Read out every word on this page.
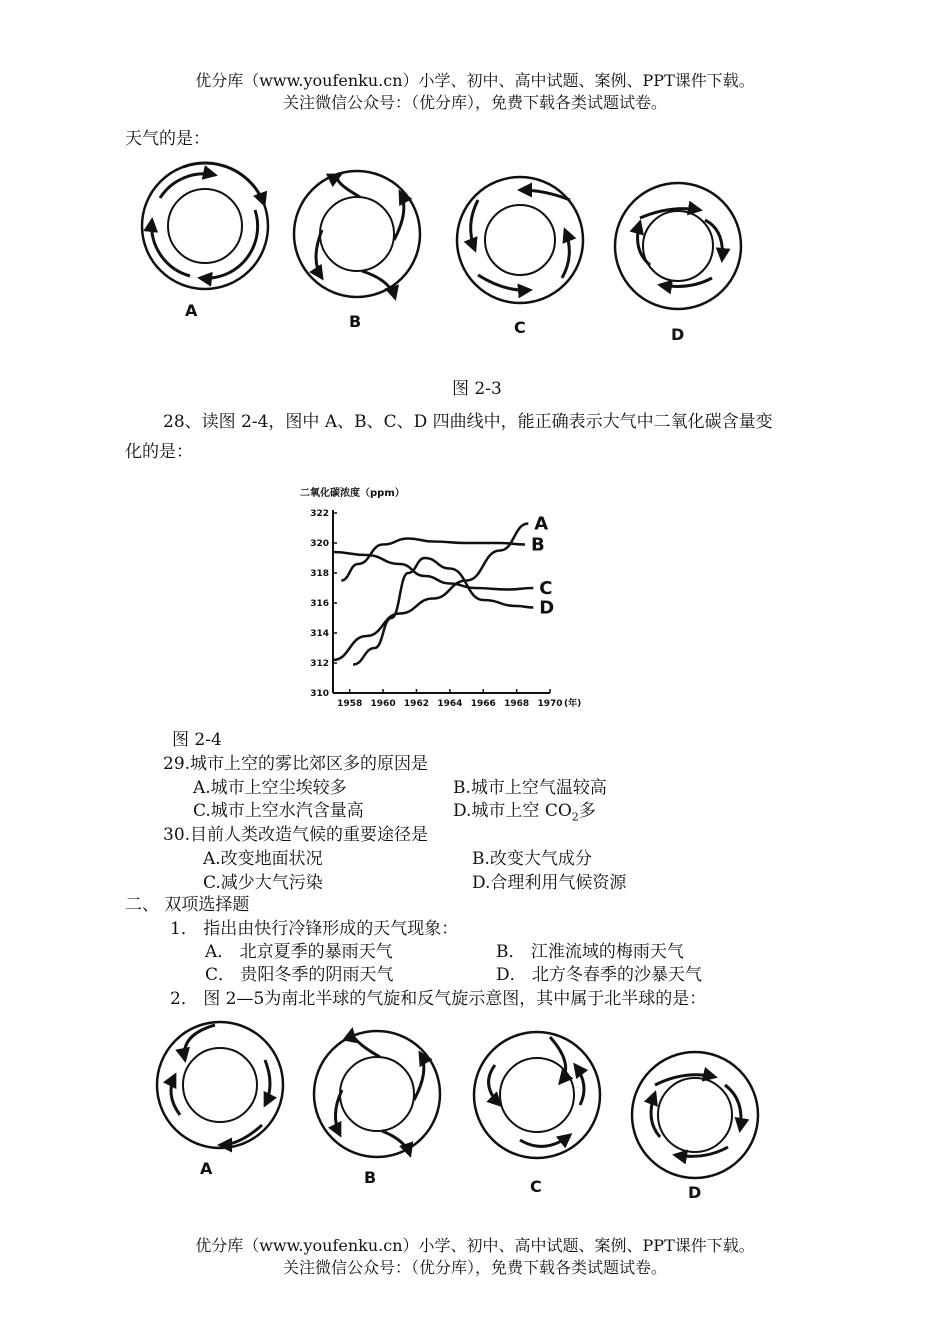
优分库（www.youfenku.cn）小学、初中、高中试题、案例、PPT课件下载。
关注微信公众号：（优分库），免费下载各类试题试卷。
天气的是：
A
B	C	D
图 2-3
28、读图 2-4，图中 A、B、C、D 四曲线中，能正确表示大气中二氧化碳含量变
化的是：
二氧化碳浓度（ppm）
310
312
314
316
318
320
322
1958 1960 1962 1964 1966 1968 1970 (年)
A
B
C
D
图 2-4
29.城市上空的雾比郊区多的原因是
A.城市上空尘埃较多	B.城市上空气温较高
C.城市上空水汽含量高	D.城市上空 $CO_2$多
30.目前人类改造气候的重要途径是
A.改变地面状况	B.改变大气成分
C.减少大气污染	D.合理利用气候资源
二、 双项选择题
1． 指出由快行冷锋形成的天气现象：
A． 北京夏季的暴雨天气	B． 江淮流域的梅雨天气
C． 贵阳冬季的阴雨天气	D． 北方冬春季的沙暴天气
2． 图 2—5为南北半球的气旋和反气旋示意图，其中属于北半球的是：
A	B	C	D
优分库（www.youfenku.cn）小学、初中、高中试题、案例、PPT课件下载。
关注微信公众号：（优分库），免费下载各类试题试卷。
